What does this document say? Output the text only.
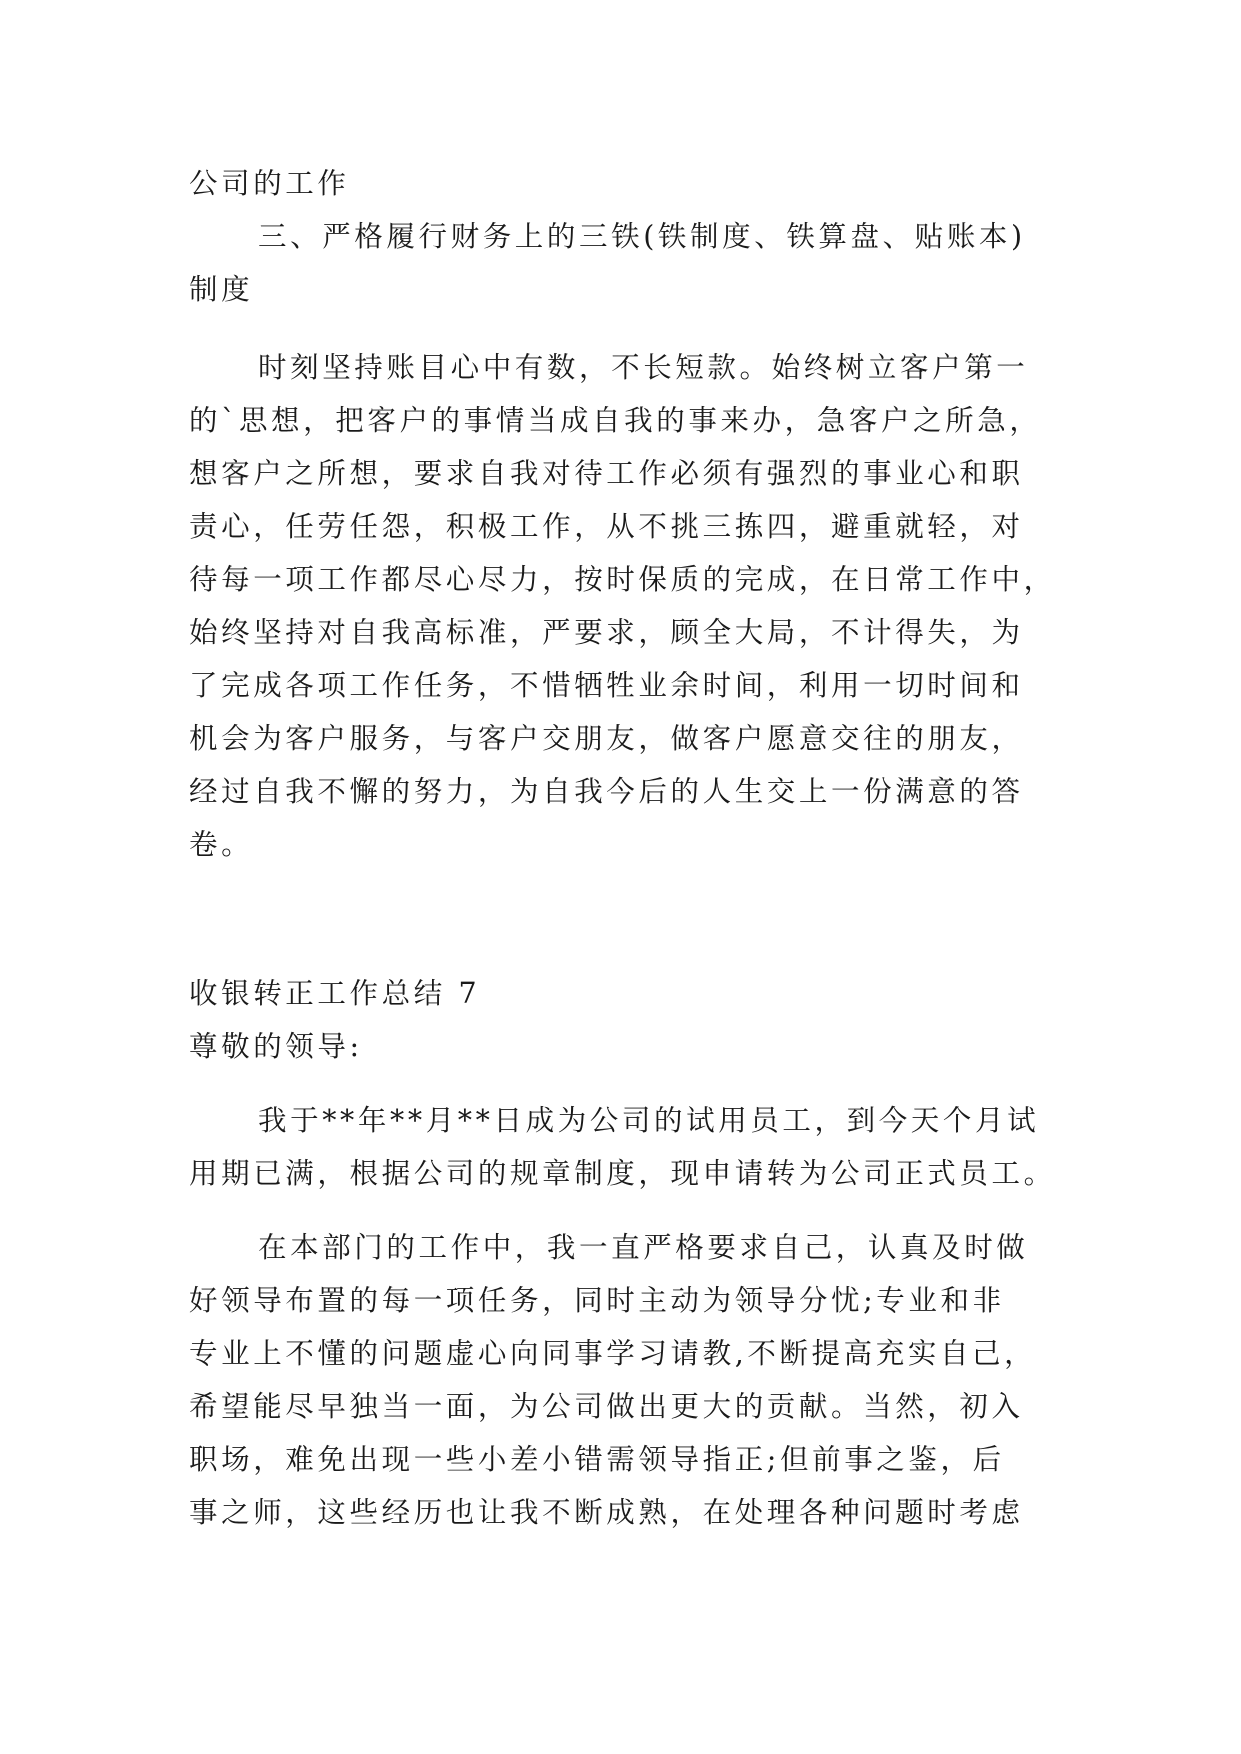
公司的工作
三、严格履行财务上的三铁(铁制度、铁算盘、贴账本)
制度
时刻坚持账目心中有数，不长短款。始终树立客户第一
的`思想，把客户的事情当成自我的事来办，急客户之所急，
想客户之所想，要求自我对待工作必须有强烈的事业心和职
责心，任劳任怨，积极工作，从不挑三拣四，避重就轻，对
待每一项工作都尽心尽力，按时保质的完成，在日常工作中，
始终坚持对自我高标准，严要求，顾全大局，不计得失，为
了完成各项工作任务，不惜牺牲业余时间，利用一切时间和
机会为客户服务，与客户交朋友，做客户愿意交往的朋友，
经过自我不懈的努力，为自我今后的人生交上一份满意的答
卷。
收银转正工作总结 7
尊敬的领导:
我于**年**月**日成为公司的试用员工，到今天个月试
用期已满，根据公司的规章制度，现申请转为公司正式员工。
在本部门的工作中，我一直严格要求自己，认真及时做
好领导布置的每一项任务，同时主动为领导分忧;专业和非
专业上不懂的问题虚心向同事学习请教,不断提高充实自己，
希望能尽早独当一面，为公司做出更大的贡献。当然，初入
职场，难免出现一些小差小错需领导指正;但前事之鉴，后
事之师，这些经历也让我不断成熟，在处理各种问题时考虑
